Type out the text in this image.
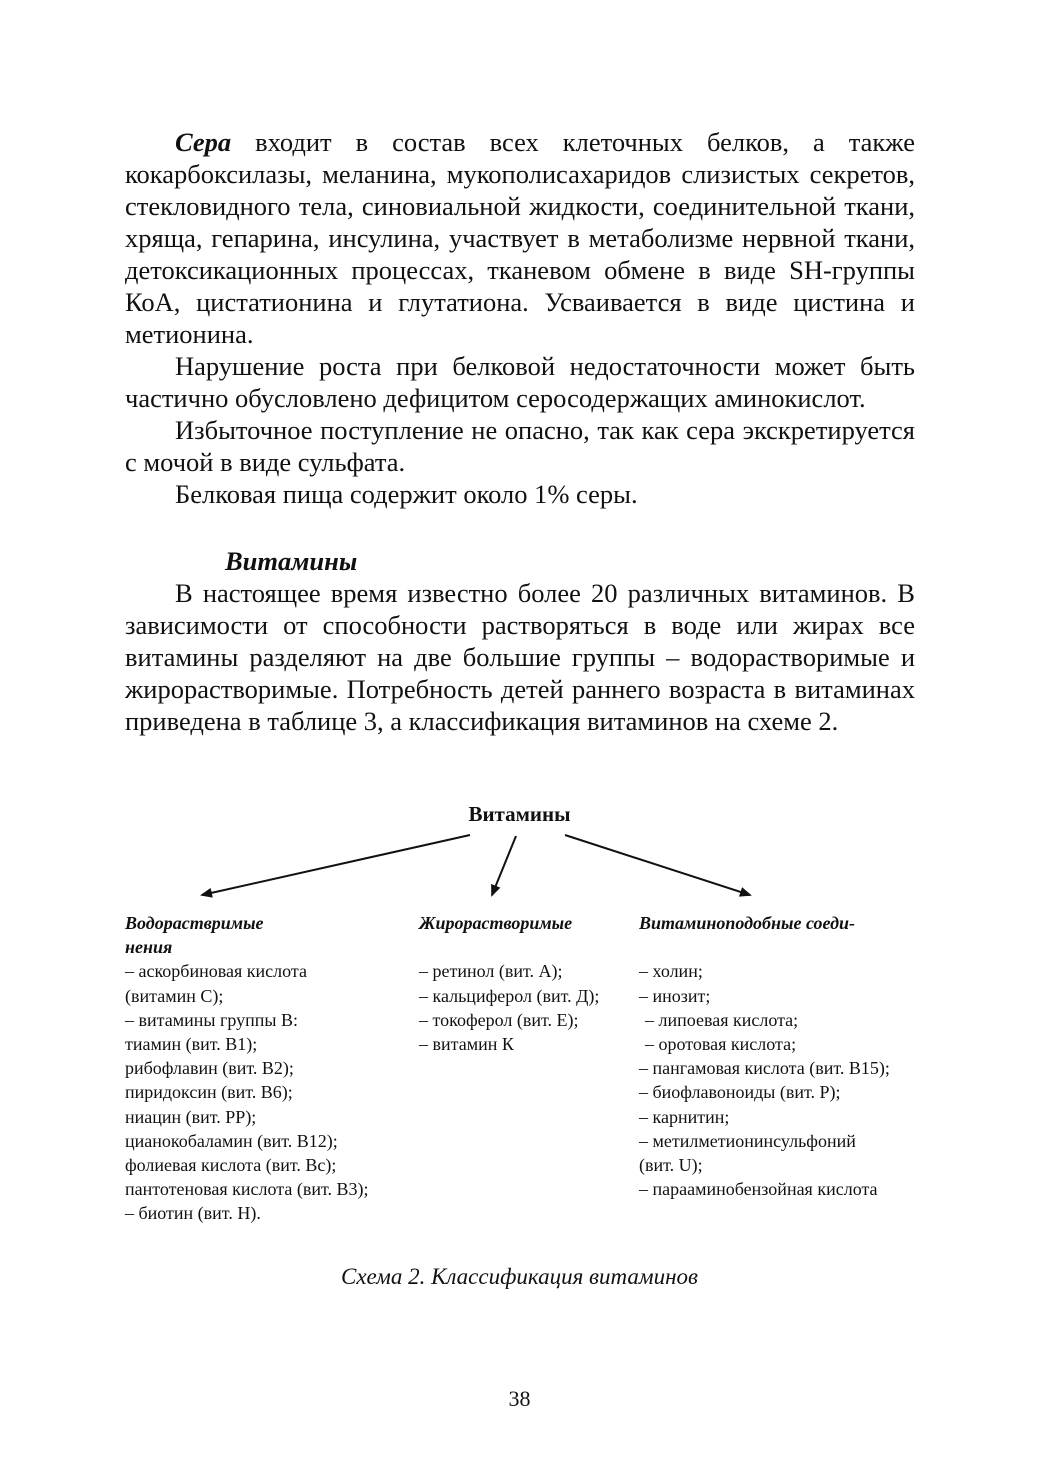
Сера входит в состав всех клеточных белков, а также кокарбоксилазы, меланина, мукополисахаридов слизистых секретов, стекловидного тела, синовиальной жидкости, соединительной ткани, хряща, гепарина, инсулина, участвует в метаболизме нервной ткани, детоксикационных процессах, тканевом обмене в виде SH-группы КоА, цистатионина и глутатиона. Усваивается в виде цистина и метионина.

Нарушение роста при белковой недостаточности может быть частично обусловлено дефицитом серосодержащих аминокислот.

Избыточное поступление не опасно, так как сера экскретируется с мочой в виде сульфата.

Белковая пища содержит около 1% серы.

Витамины

В настоящее время известно более 20 различных витаминов. В зависимости от способности растворяться в воде или жирах все витамины разделяют на две большие группы – водорастворимые и жирорастворимые. Потребность детей раннего возраста в витаминах приведена в таблице 3, а классификация витаминов на схеме 2.

Витамины
Водораствримые
нения
– аскорбиновая кислота
(витамин С);
– витамины группы В:
тиамин (вит. В1);
рибофлавин (вит. В2);
пиридоксин (вит. В6);
ниацин (вит. РР);
цианокобаламин (вит. В12);
фолиевая кислота (вит. Вс);
пантотеновая кислота (вит. В3);
– биотин (вит. Н).
Жирорастворимые

– ретинол (вит. А);
– кальциферол (вит. Д);
– токоферол (вит. Е);
– витамин К
Витаминоподобные соеди-

– холин;
– инозит;
– липоевая кислота;
– оротовая кислота;
– пангамовая кислота (вит. В15);
– биофлавоноиды (вит. Р);
– карнитин;
– метилметионинсульфоний
(вит. U);
– парааминобензойная кислота
Схема 2. Классификация витаминов
38
